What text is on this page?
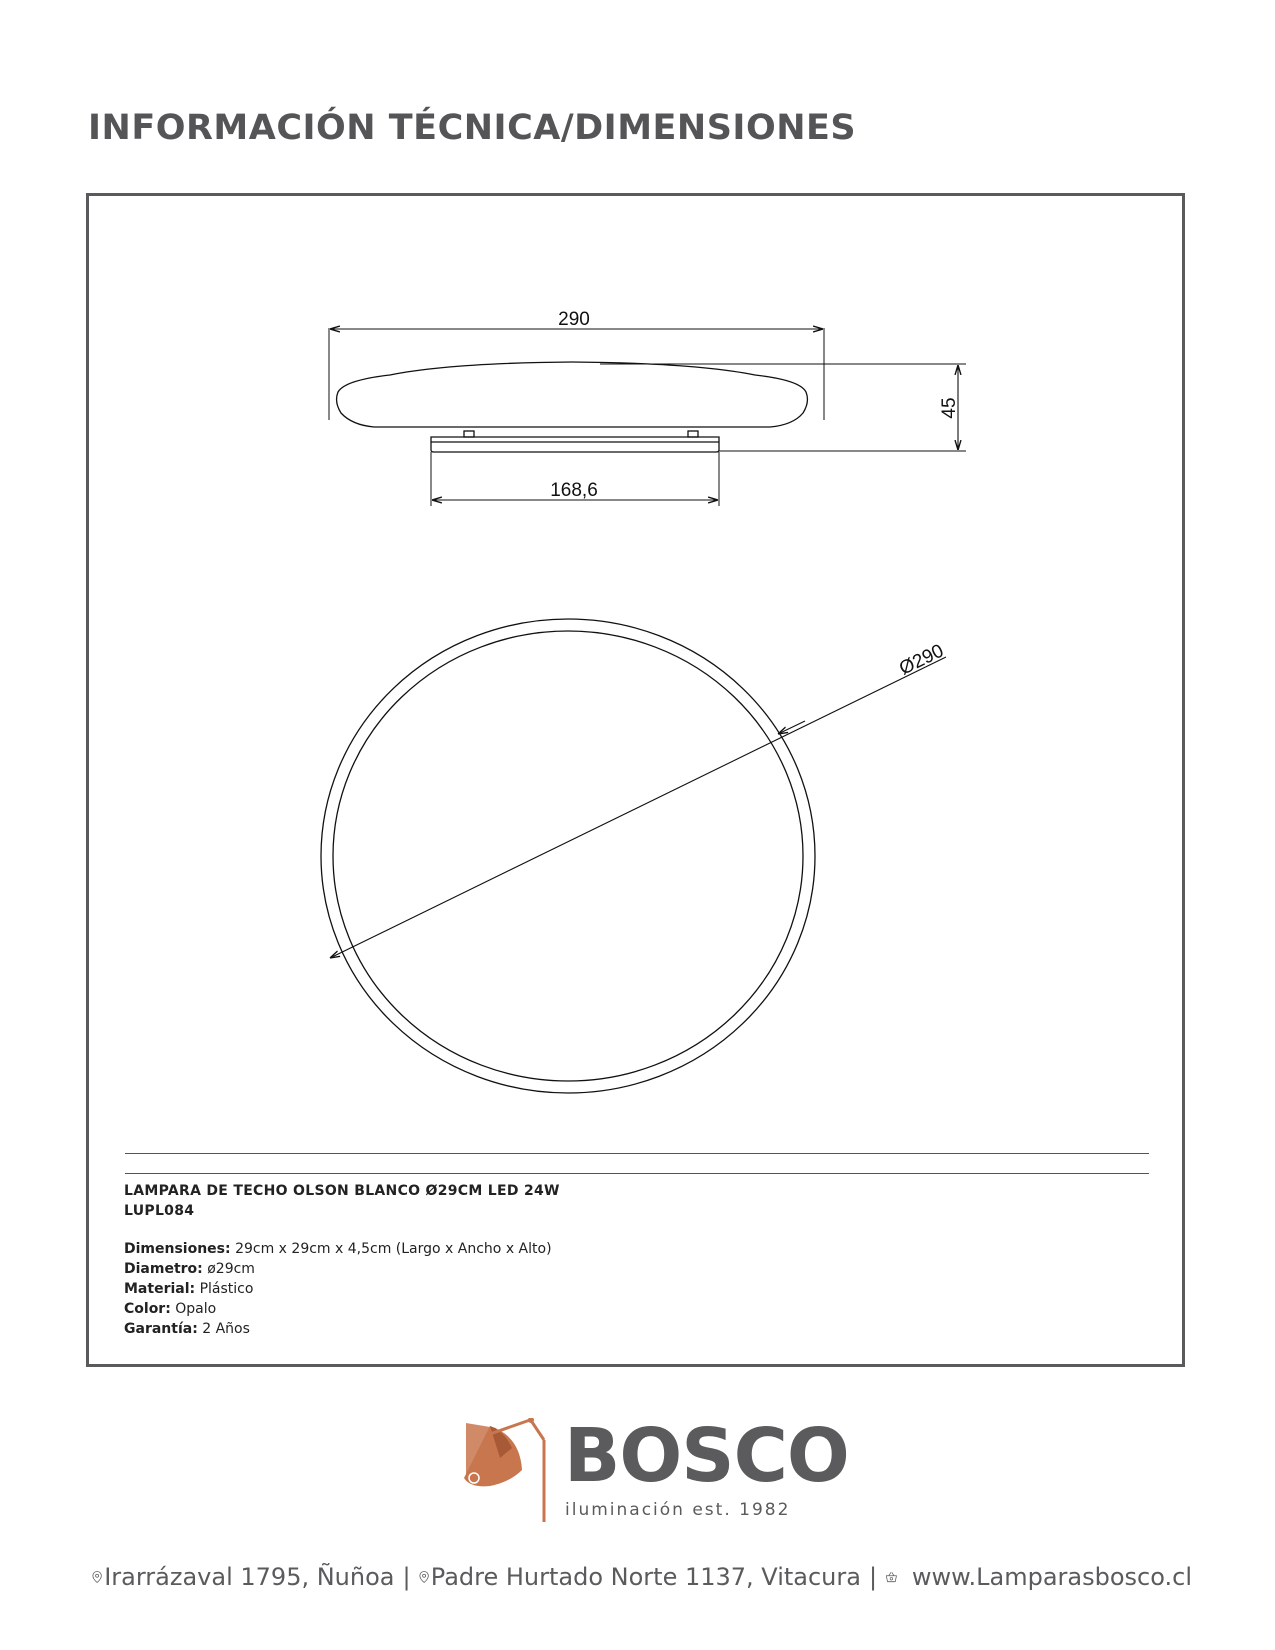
INFORMACIÓN TÉCNICA/DIMENSIONES
290
45
168,6
Ø290
LAMPARA DE TECHO OLSON BLANCO Ø29CM LED 24W
LUPL084
Dimensiones: 29cm x 29cm x 4,5cm (Largo x Ancho x Alto)
Diametro: ø29cm
Material: Plástico
Color: Opalo
Garantía: 2 Años
BOSCO
iluminación est. 1982
Irarrázaval 1795, Ñuñoa | Padre Hurtado Norte 1137, Vitacura | www.Lamparasbosco.cl
